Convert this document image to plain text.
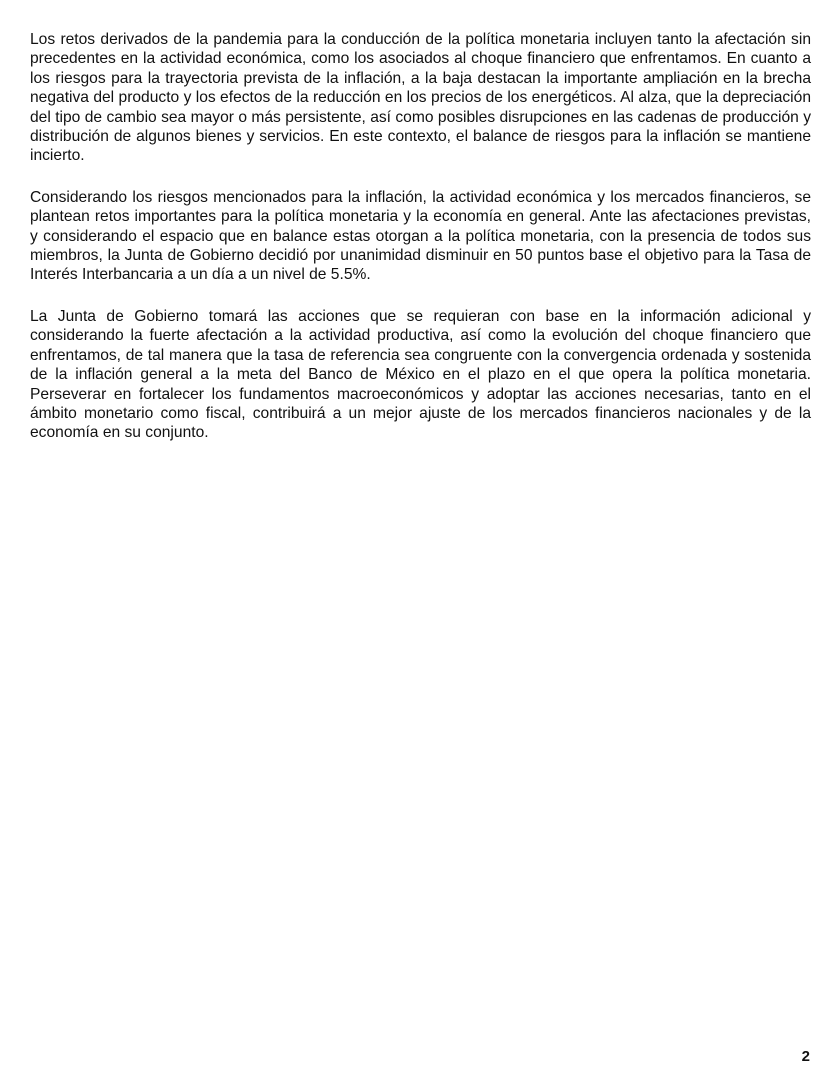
Los retos derivados de la pandemia para la conducción de la política monetaria incluyen tanto la afectación sin precedentes en la actividad económica, como los asociados al choque financiero que enfrentamos. En cuanto a los riesgos para la trayectoria prevista de la inflación, a la baja destacan la importante ampliación en la brecha negativa del producto y los efectos de la reducción en los precios de los energéticos. Al alza, que la depreciación del tipo de cambio sea mayor o más persistente, así como posibles disrupciones en las cadenas de producción y distribución de algunos bienes y servicios. En este contexto, el balance de riesgos para la inflación se mantiene incierto.

Considerando los riesgos mencionados para la inflación, la actividad económica y los mercados financieros, se plantean retos importantes para la política monetaria y la economía en general. Ante las afectaciones previstas, y considerando el espacio que en balance estas otorgan a la política monetaria, con la presencia de todos sus miembros, la Junta de Gobierno decidió por unanimidad disminuir en 50 puntos base el objetivo para la Tasa de Interés Interbancaria a un día a un nivel de 5.5%.

La Junta de Gobierno tomará las acciones que se requieran con base en la información adicional y considerando la fuerte afectación a la actividad productiva, así como la evolución del choque financiero que enfrentamos, de tal manera que la tasa de referencia sea congruente con la convergencia ordenada y sostenida de la inflación general a la meta del Banco de México en el plazo en el que opera la política monetaria. Perseverar en fortalecer los fundamentos macroeconómicos y adoptar las acciones necesarias, tanto en el ámbito monetario como fiscal, contribuirá a un mejor ajuste de los mercados financieros nacionales y de la economía en su conjunto.

2
